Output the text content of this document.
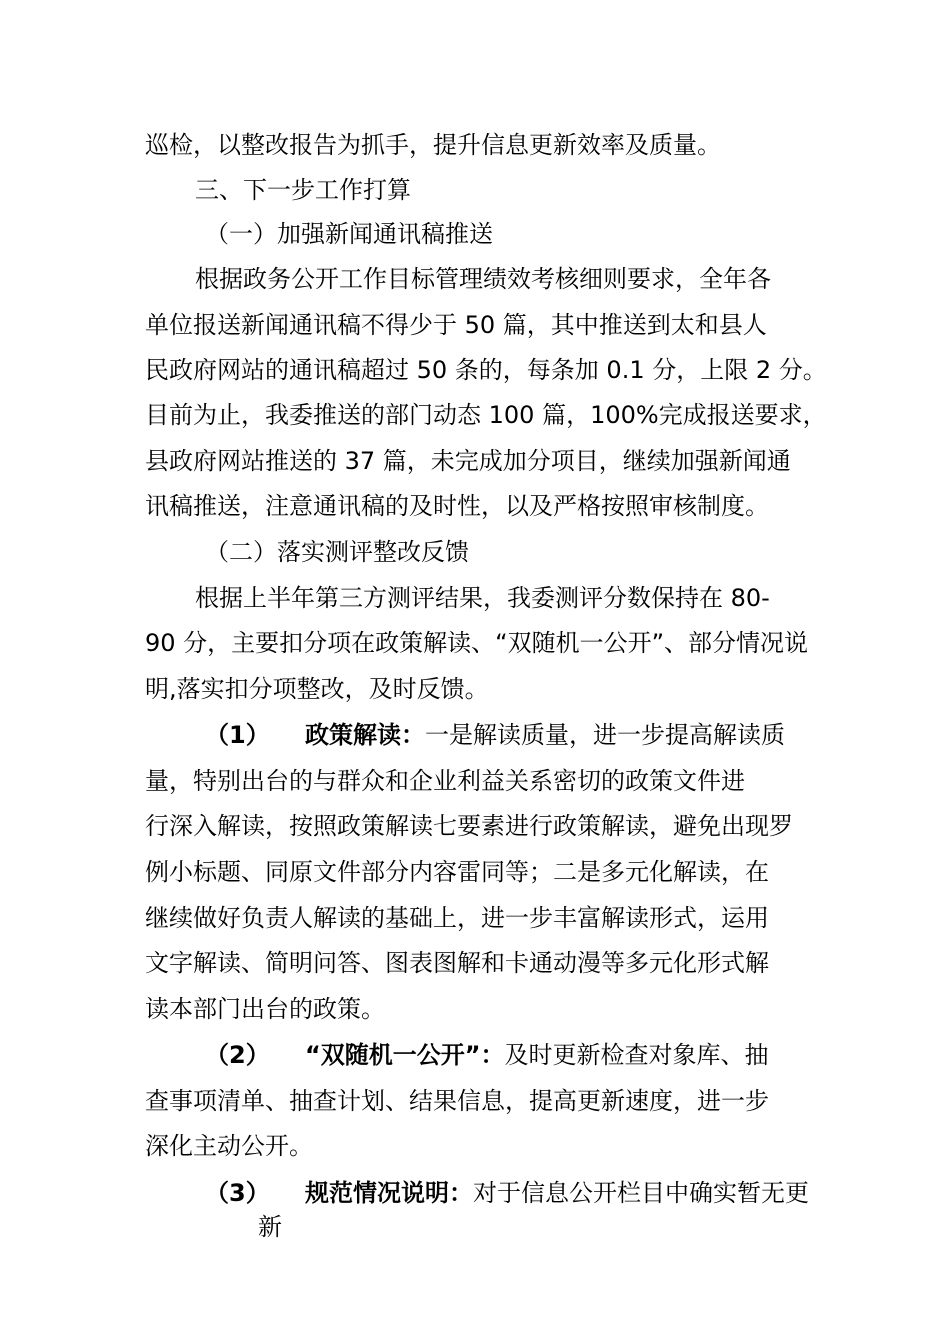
巡检，以整改报告为抓手，提升信息更新效率及质量。
三、下一步工作打算
（一）加强新闻通讯稿推送
根据政务公开工作目标管理绩效考核细则要求，全年各
单位报送新闻通讯稿不得少于 50 篇，其中推送到太和县人
民政府网站的通讯稿超过 50 条的，每条加 0.1 分，上限 2 分。
目前为止，我委推送的部门动态 100 篇，100%完成报送要求，
县政府网站推送的 37 篇，未完成加分项目，继续加强新闻通
讯稿推送，注意通讯稿的及时性，以及严格按照审核制度。
（二）落实测评整改反馈
根据上半年第三方测评结果，我委测评分数保持在 80-
90 分，主要扣分项在政策解读、“双随机一公开”、部分情况说
明,落实扣分项整改，及时反馈。
（1） 政策解读：一是解读质量，进一步提高解读质
量，特别出台的与群众和企业利益关系密切的政策文件进
行深入解读，按照政策解读七要素进行政策解读，避免出现罗
例小标题、同原文件部分内容雷同等；二是多元化解读，在
继续做好负责人解读的基础上，进一步丰富解读形式，运用
文字解读、简明问答、图表图解和卡通动漫等多元化形式解
读本部门出台的政策。
（2） “双随机一公开”：及时更新检查对象库、抽
查事项清单、抽查计划、结果信息，提高更新速度，进一步
深化主动公开。
（3） 规范情况说明：对于信息公开栏目中确实暂无更
新
